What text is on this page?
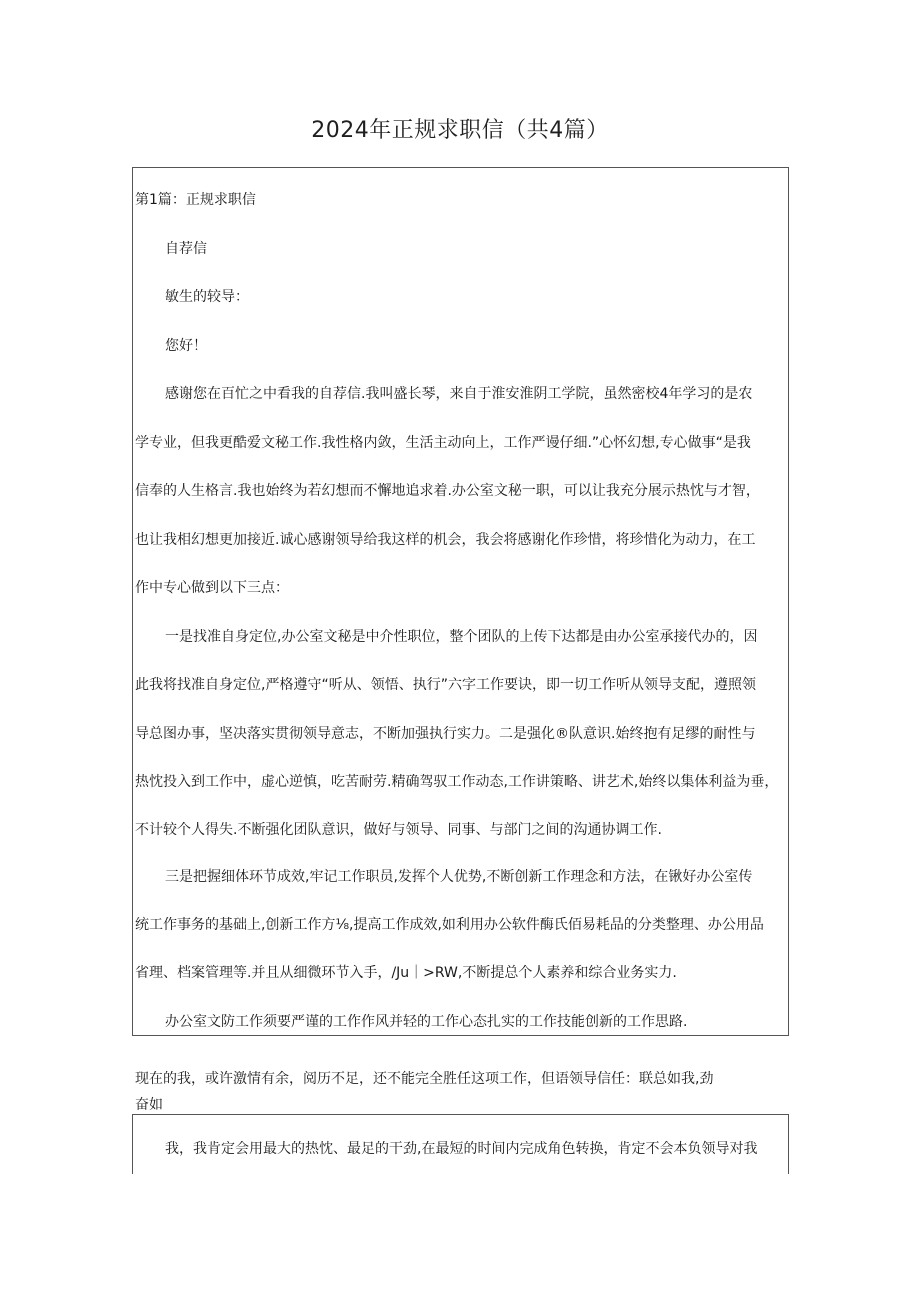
2024年正规求职信（共4篇）
第1篇：正规求职信
自荐信
敏生的较导：
您好！
感谢您在百忙之中看我的自荐信.我叫盛长琴，来自于淮安淮阴工学院，虽然密校4年学习的是农
学专业，但我更酷爱文秘工作.我性格内敛，生活主动向上，工作严谩仔细.”心怀幻想,专心做事“是我
信奉的人生格言.我也始终为若幻想而不懈地追求着.办公室文秘一职，可以让我充分展示热忱与才智，
也让我相幻想更加接近.诚心感谢领导给我这样的机会，我会将感谢化作珍惜，将珍惜化为动力，在工
作中专心做到以下三点：
一是找准自身定位,办公室文秘是中介性职位，整个团队的上传下达都是由办公室承接代办的，因
此我将找准自身定位,严格遵守“听从、领悟、执行”六字工作要诀，即一切工作听从领导支配，遵照领
导总图办事，坚决落实贯彻领导意志，不断加强执行实力。二是强化®队意识.始终抱有足缪的耐性与
热忱投入到工作中，虚心逆慎，吃苦耐劳.精确驾驭工作动态,工作讲策略、讲艺术,始终以集体利益为垂，
不计较个人得失.不断强化团队意识，做好与领导、同事、与部门之间的沟通协调工作.
三是把握细体环节成效,牢记工作职员,发挥个人优势,不断创新工作理念和方法，在锹好办公室传
统工作事务的基础上,创新工作方⅛,提高工作成效,如利用办公软件酶氏佰易耗品的分类整理、办公用品
省理、档案管理等.并且从细微环节入手，/Ju｜>RW,不断提总个人素养和综合业务实力.
办公室文防工作须要严谨的工作作风并轻的工作心态扎实的工作技能创新的工作思路.
现在的我，或许激情有余，阅历不足，还不能完全胜任这项工作，但语领导信任：联总如我,劲
奋如
我，我肯定会用最大的热忱、最足的干劲,在最短的时间内完成角色转换，肯定不会本负领导对我
